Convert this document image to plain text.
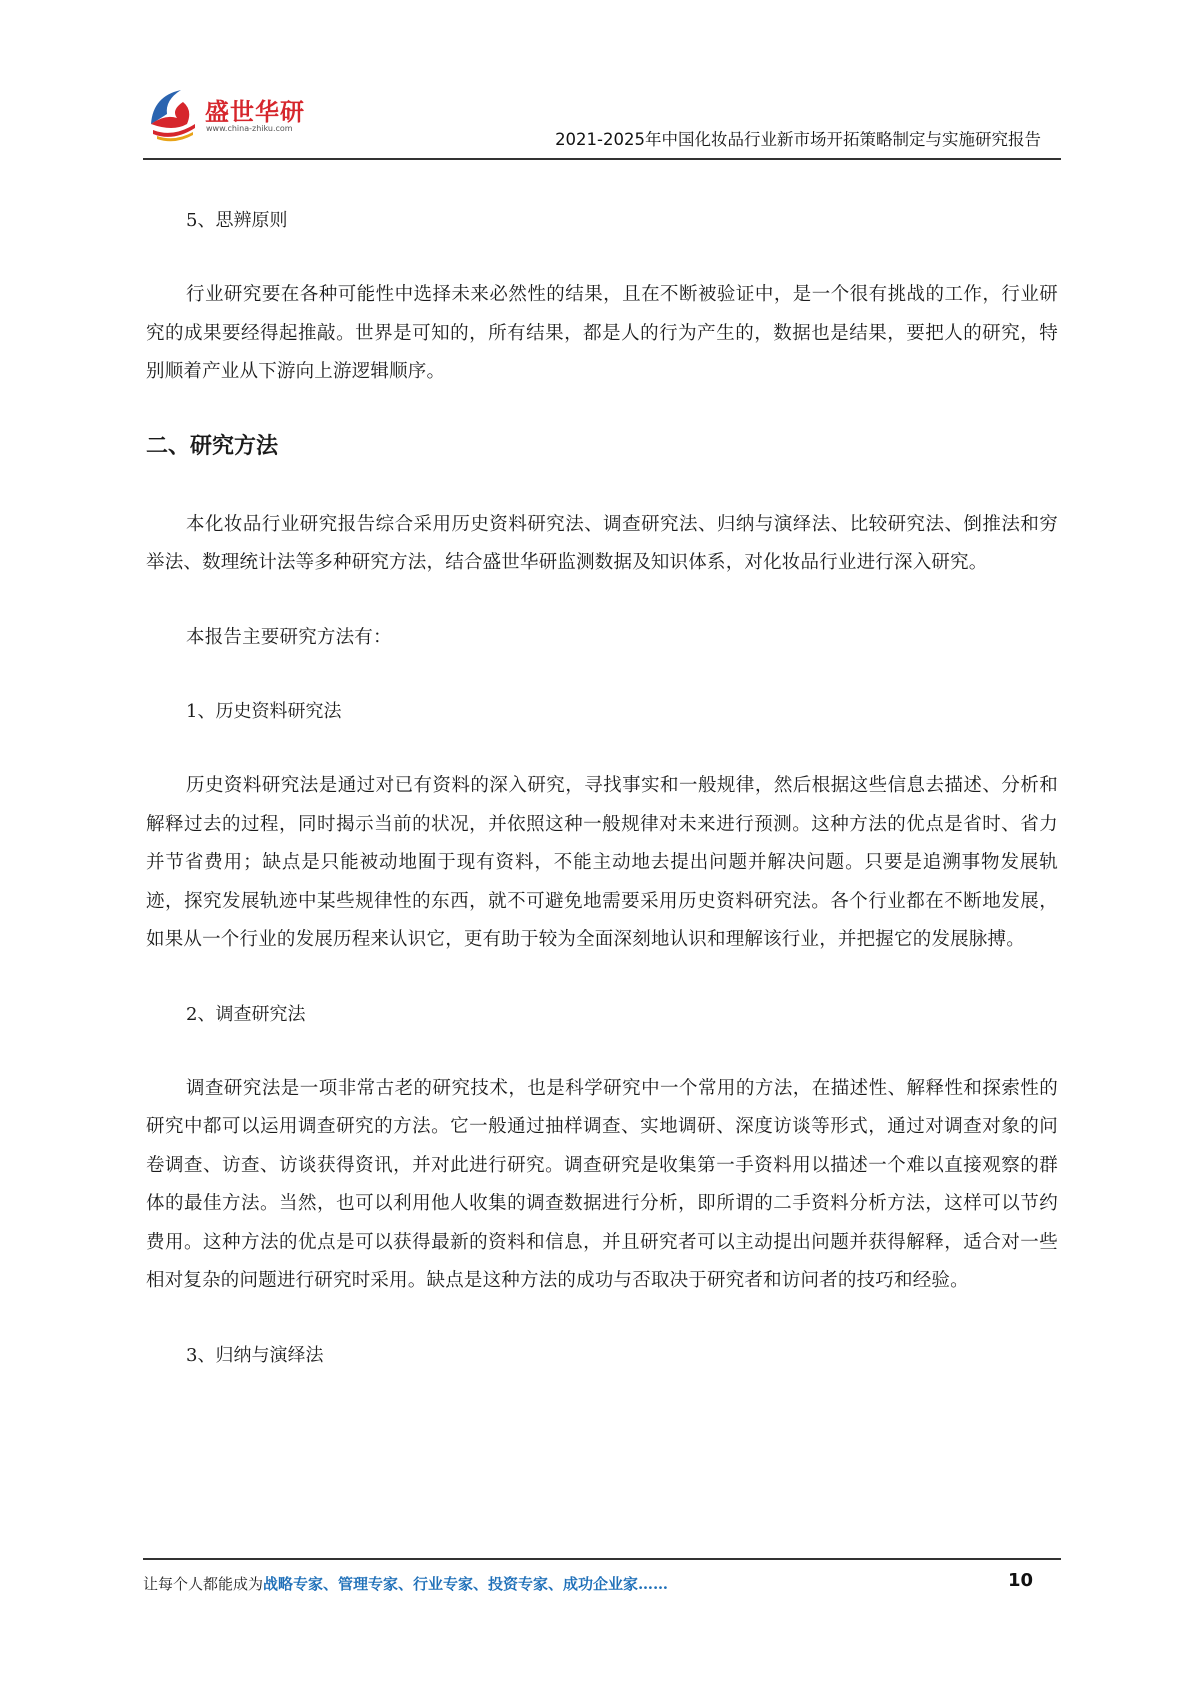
盛世华研
www.china-zhiku.com
2021-2025年中国化妆品行业新市场开拓策略制定与实施研究报告
5、思辨原则

行业研究要在各种可能性中选择未来必然性的结果，且在不断被验证中，是一个很有挑战的工作，行业研究的成果要经得起推敲。世界是可知的，所有结果，都是人的行为产生的，数据也是结果，要把人的研究，特别顺着产业从下游向上游逻辑顺序。

二、研究方法

本化妆品行业研究报告综合采用历史资料研究法、调查研究法、归纳与演绎法、比较研究法、倒推法和穷举法、数理统计法等多种研究方法，结合盛世华研监测数据及知识体系，对化妆品行业进行深入研究。

本报告主要研究方法有：

1、历史资料研究法

历史资料研究法是通过对已有资料的深入研究，寻找事实和一般规律，然后根据这些信息去描述、分析和解释过去的过程，同时揭示当前的状况，并依照这种一般规律对未来进行预测。这种方法的优点是省时、省力并节省费用；缺点是只能被动地囿于现有资料，不能主动地去提出问题并解决问题。只要是追溯事物发展轨迹，探究发展轨迹中某些规律性的东西，就不可避免地需要采用历史资料研究法。各个行业都在不断地发展，如果从一个行业的发展历程来认识它，更有助于较为全面深刻地认识和理解该行业，并把握它的发展脉搏。

2、调查研究法

调查研究法是一项非常古老的研究技术，也是科学研究中一个常用的方法，在描述性、解释性和探索性的研究中都可以运用调查研究的方法。它一般通过抽样调查、实地调研、深度访谈等形式，通过对调查对象的问卷调查、访查、访谈获得资讯，并对此进行研究。调查研究是收集第一手资料用以描述一个难以直接观察的群体的最佳方法。当然，也可以利用他人收集的调查数据进行分析，即所谓的二手资料分析方法，这样可以节约费用。这种方法的优点是可以获得最新的资料和信息，并且研究者可以主动提出问题并获得解释，适合对一些相对复杂的问题进行研究时采用。缺点是这种方法的成功与否取决于研究者和访问者的技巧和经验。

3、归纳与演绎法
让每个人都能成为战略专家、管理专家、行业专家、投资专家、成功企业家……	10
